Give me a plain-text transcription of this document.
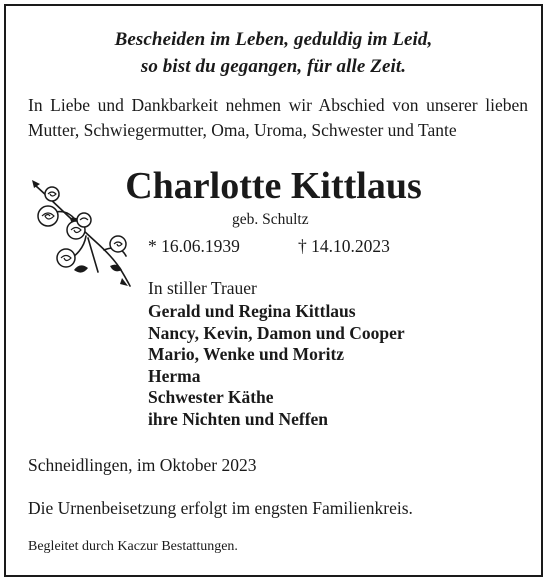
Bescheiden im Leben, geduldig im Leid,
so bist du gegangen, für alle Zeit.
In Liebe und Dankbarkeit nehmen wir Abschied von unserer lieben Mutter, Schwiegermutter, Oma, Uroma, Schwester und Tante
Charlotte Kittlaus
geb. Schultz
* 16.06.1939	† 14.10.2023
In stiller Trauer
Gerald und Regina Kittlaus
Nancy, Kevin, Damon und Cooper
Mario, Wenke und Moritz
Herma
Schwester Käthe
ihre Nichten und Neffen
Schneidlingen, im Oktober 2023
Die Urnenbeisetzung erfolgt im engsten Familienkreis.
Begleitet durch Kaczur Bestattungen.
